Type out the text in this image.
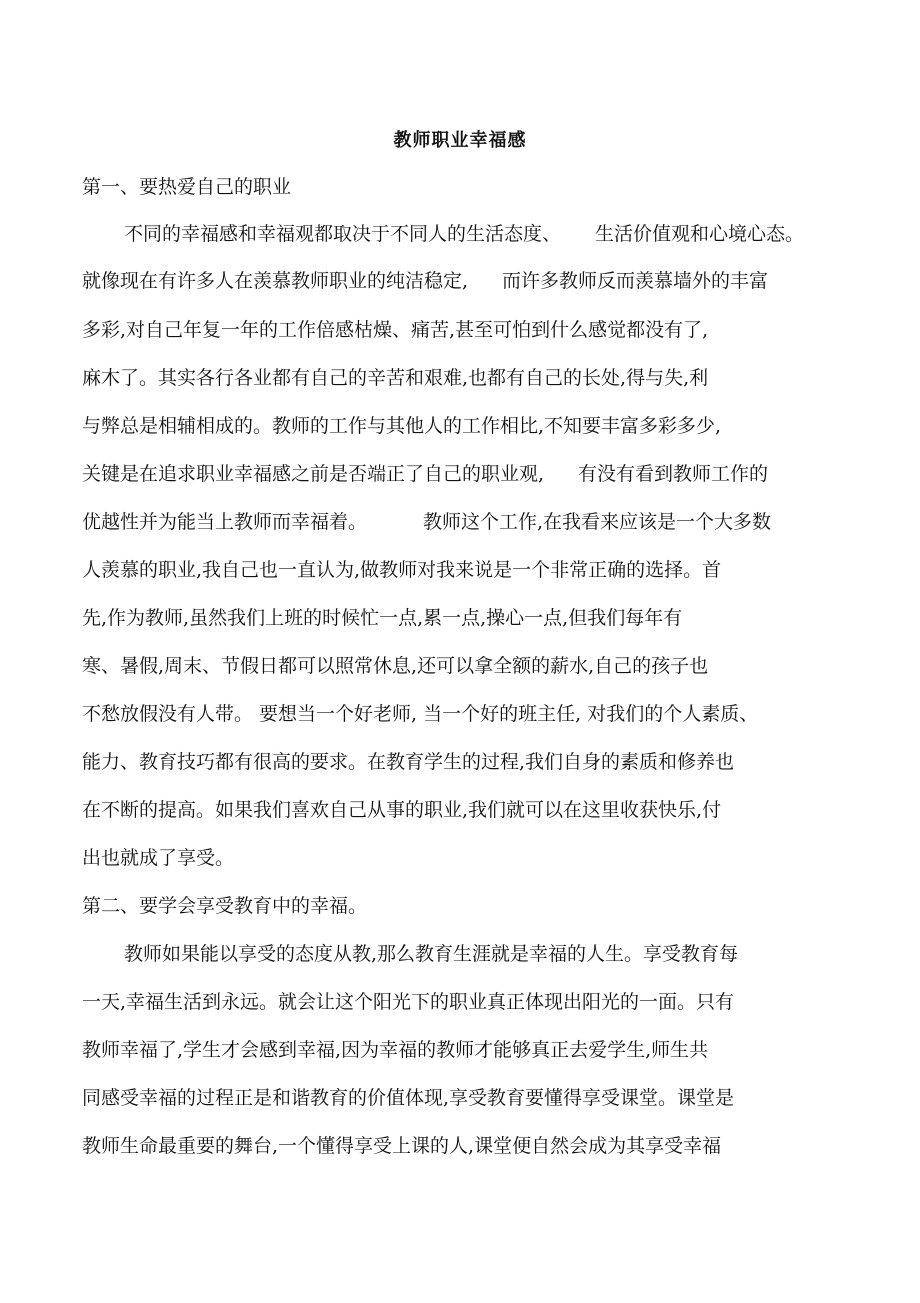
教师职业幸福感
第一、要热爱自己的职业
不同的幸福感和幸福观都取决于不同人的生活态度、 生活价值观和心境心态。
就像现在有许多人在羡慕教师职业的纯洁稳定, 而许多教师反而羡慕墙外的丰富
多彩,对自己年复一年的工作倍感枯燥、痛苦,甚至可怕到什么感觉都没有了,
麻木了。其实各行各业都有自己的辛苦和艰难,也都有自己的长处,得与失,利
与弊总是相辅相成的。教师的工作与其他人的工作相比,不知要丰富多彩多少,
关键是在追求职业幸福感之前是否端正了自己的职业观, 有没有看到教师工作的
优越性并为能当上教师而幸福着。	教师这个工作,在我看来应该是一个大多数
人羡慕的职业,我自己也一直认为,做教师对我来说是一个非常正确的选择。首
先,作为教师,虽然我们上班的时候忙一点,累一点,操心一点,但我们每年有
寒、暑假,周末、节假日都可以照常休息,还可以拿全额的薪水,自己的孩子也
不愁放假没有人带。 要想当一个好老师, 当一个好的班主任, 对我们的个人素质、
能力、教育技巧都有很高的要求。在教育学生的过程,我们自身的素质和修养也
在不断的提高。如果我们喜欢自己从事的职业,我们就可以在这里收获快乐,付
出也就成了享受。
第二、要学会享受教育中的幸福。
教师如果能以享受的态度从教,那么教育生涯就是幸福的人生。享受教育每
一天,幸福生活到永远。就会让这个阳光下的职业真正体现出阳光的一面。只有
教师幸福了,学生才会感到幸福,因为幸福的教师才能够真正去爱学生,师生共
同感受幸福的过程正是和谐教育的价值体现,享受教育要懂得享受课堂。课堂是
教师生命最重要的舞台,一个懂得享受上课的人,课堂便自然会成为其享受幸福
